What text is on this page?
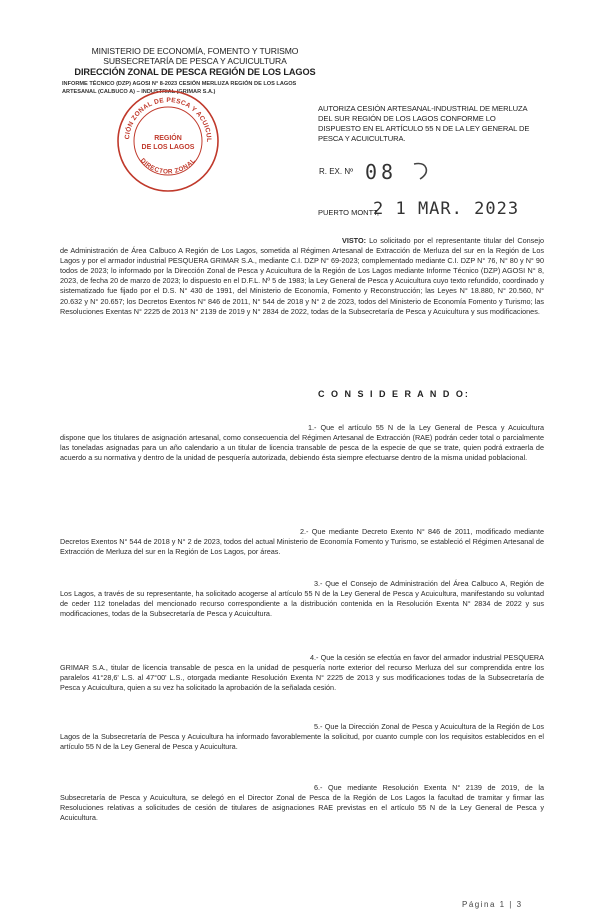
MINISTERIO DE ECONOMÍA, FOMENTO Y TURISMO
SUBSECRETARÍA DE PESCA Y ACUICULTURA
DIRECCIÓN ZONAL DE PESCA REGIÓN DE LOS LAGOS
INFORME TÉCNICO (DZP) AGOSI N° 8-2023 CESIÓN MERLUZA REGIÓN DE LOS LAGOS
ARTESANAL (CALBUCO A) – INDUSTRIAL (GRIMAR S.A.)
CIÓN ZONAL DE PESCA Y ACUICUL
REGIÓN
DE LOS LAGOS
DIRECTOR ZONAL
AUTORIZA CESIÓN ARTESANAL-INDUSTRIAL DE MERLUZA DEL SUR REGIÓN DE LOS LAGOS CONFORME LO DISPUESTO EN EL ARTÍCULO 55 N DE LA LEY GENERAL DE PESCA Y ACUICULTURA.
R. EX. Nº 08
PUERTO MONTT,
2 1 MAR. 2023
VISTO: Lo solicitado por el representante titular del Consejo de Administración de Área Calbuco A Región de Los Lagos, sometida al Régimen Artesanal de Extracción de Merluza del sur en la Región de Los Lagos y por el armador industrial PESQUERA GRIMAR S.A., mediante C.I. DZP N° 69-2023; complementado mediante C.I. DZP N° 76, N° 80 y N° 90 todos de 2023; lo informado por la Dirección Zonal de Pesca y Acuicultura de la Región de Los Lagos mediante Informe Técnico (DZP) AGOSI N° 8, 2023, de fecha 20 de marzo de 2023; lo dispuesto en el D.F.L. Nº 5 de 1983; la Ley General de Pesca y Acuicultura cuyo texto refundido, coordinado y sistematizado fue fijado por el D.S. N° 430 de 1991, del Ministerio de Economía, Fomento y Reconstrucción; las Leyes N° 18.880, N° 20.560, N° 20.632 y N° 20.657; los Decretos Exentos N° 846 de 2011, N° 544 de 2018 y N° 2 de 2023, todos del Ministerio de Economía Fomento y Turismo; las Resoluciones Exentas N° 2225 de 2013 N° 2139 de 2019 y N° 2834 de 2022, todas de la Subsecretaría de Pesca y Acuicultura y sus modificaciones.
C O N S I D E R A N D O:
1.- Que el artículo 55 N de la Ley General de Pesca y Acuicultura dispone que los titulares de asignación artesanal, como consecuencia del Régimen Artesanal de Extracción (RAE) podrán ceder total o parcialmente las toneladas asignadas para un año calendario a un titular de licencia transable de pesca de la especie de que se trate, quien podrá extraerla de acuerdo a su normativa y dentro de la unidad de pesquería autorizada, debiendo ésta siempre efectuarse dentro de la misma unidad poblacional.
2.- Que mediante Decreto Exento N° 846 de 2011, modificado mediante Decretos Exentos N° 544 de 2018 y N° 2 de 2023, todos del actual Ministerio de Economía Fomento y Turismo, se estableció el Régimen Artesanal de Extracción de Merluza del sur en la Región de Los Lagos, por áreas.
3.- Que el Consejo de Administración del Área Calbuco A, Región de Los Lagos, a través de su representante, ha solicitado acogerse al artículo 55 N de la Ley General de Pesca y Acuicultura, manifestando su voluntad de ceder 112 toneladas del mencionado recurso correspondiente a la distribución contenida en la Resolución Exenta N° 2834 de 2022 y sus modificaciones, todas de la Subsecretaría de Pesca y Acuicultura.
4.- Que la cesión se efectúa en favor del armador industrial PESQUERA GRIMAR S.A., titular de licencia transable de pesca en la unidad de pesquería norte exterior del recurso Merluza del sur comprendida entre los paralelos 41°28,6' L.S. al 47°00' L.S., otorgada mediante Resolución Exenta N° 2225 de 2013 y sus modificaciones todas de la Subsecretaría de Pesca y Acuicultura, quien a su vez ha solicitado la aprobación de la señalada cesión.
5.- Que la Dirección Zonal de Pesca y Acuicultura de la Región de Los Lagos de la Subsecretaría de Pesca y Acuicultura ha informado favorablemente la solicitud, por cuanto cumple con los requisitos establecidos en el artículo 55 N de la Ley General de Pesca y Acuicultura.
6.- Que mediante Resolución Exenta N° 2139 de 2019, de la Subsecretaría de Pesca y Acuicultura, se delegó en el Director Zonal de Pesca de la Región de Los Lagos la facultad de tramitar y firmar las Resoluciones relativas a solicitudes de cesión de titulares de asignaciones RAE previstas en el artículo 55 N de la Ley General de Pesca y Acuicultura.
Página 1 | 3
